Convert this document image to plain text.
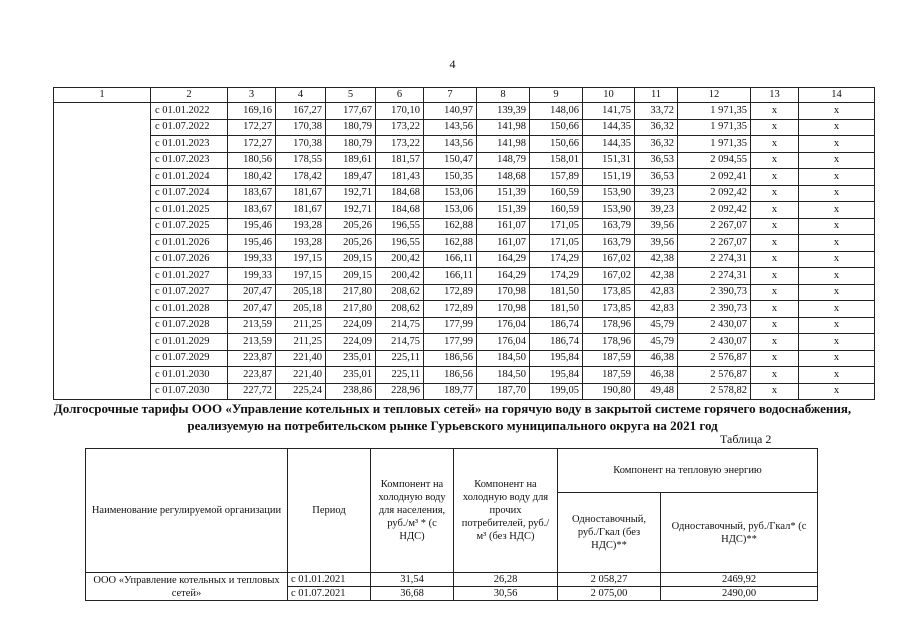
4
1	2	3	4	5	6	7	8	9	10	11	12	13	14
	с 01.01.2022	169,16	167,27	177,67	170,10	140,97	139,39	148,06	141,75	33,72	1 971,35	x	x
	с 01.07.2022	172,27	170,38	180,79	173,22	143,56	141,98	150,66	144,35	36,32	1 971,35	x	x
	с 01.01.2023	172,27	170,38	180,79	173,22	143,56	141,98	150,66	144,35	36,32	1 971,35	x	x
	с 01.07.2023	180,56	178,55	189,61	181,57	150,47	148,79	158,01	151,31	36,53	2 094,55	x	x
	с 01.01.2024	180,42	178,42	189,47	181,43	150,35	148,68	157,89	151,19	36,53	2 092,41	x	x
	с 01.07.2024	183,67	181,67	192,71	184,68	153,06	151,39	160,59	153,90	39,23	2 092,42	x	x
	с 01.01.2025	183,67	181,67	192,71	184,68	153,06	151,39	160,59	153,90	39,23	2 092,42	x	x
	с 01.07.2025	195,46	193,28	205,26	196,55	162,88	161,07	171,05	163,79	39,56	2 267,07	x	x
	с 01.01.2026	195,46	193,28	205,26	196,55	162,88	161,07	171,05	163,79	39,56	2 267,07	x	x
	с 01.07.2026	199,33	197,15	209,15	200,42	166,11	164,29	174,29	167,02	42,38	2 274,31	x	x
	с 01.01.2027	199,33	197,15	209,15	200,42	166,11	164,29	174,29	167,02	42,38	2 274,31	x	x
	с 01.07.2027	207,47	205,18	217,80	208,62	172,89	170,98	181,50	173,85	42,83	2 390,73	x	x
	с 01.01.2028	207,47	205,18	217,80	208,62	172,89	170,98	181,50	173,85	42,83	2 390,73	x	x
	с 01.07.2028	213,59	211,25	224,09	214,75	177,99	176,04	186,74	178,96	45,79	2 430,07	x	x
	с 01.01.2029	213,59	211,25	224,09	214,75	177,99	176,04	186,74	178,96	45,79	2 430,07	x	x
	с 01.07.2029	223,87	221,40	235,01	225,11	186,56	184,50	195,84	187,59	46,38	2 576,87	x	x
	с 01.01.2030	223,87	221,40	235,01	225,11	186,56	184,50	195,84	187,59	46,38	2 576,87	x	x
	с 01.07.2030	227,72	225,24	238,86	228,96	189,77	187,70	199,05	190,80	49,48	2 578,82	x	x
Долгосрочные тарифы ООО «Управление котельных и тепловых сетей» на горячую воду в закрытой системе горячего водоснабжения, реализуемую на потребительском рынке Гурьевского муниципального округа на 2021 год
Таблица 2
Наименование регулируемой организации	Период	Компонент на холодную воду для населения, руб./м³ * (с НДС)	Компонент на холодную воду для прочих потребителей, руб./м³ (без НДС)	Компонент на тепловую энергию	
				Одноставочный, руб./Гкал (без НДС)**	Одноставочный, руб./Гкал* (с НДС)**
ООО «Управление котельных и тепловых сетей»	с 01.01.2021	31,54	26,28	2 058,27	2469,92
	с 01.07.2021	36,68	30,56	2 075,00	2490,00
